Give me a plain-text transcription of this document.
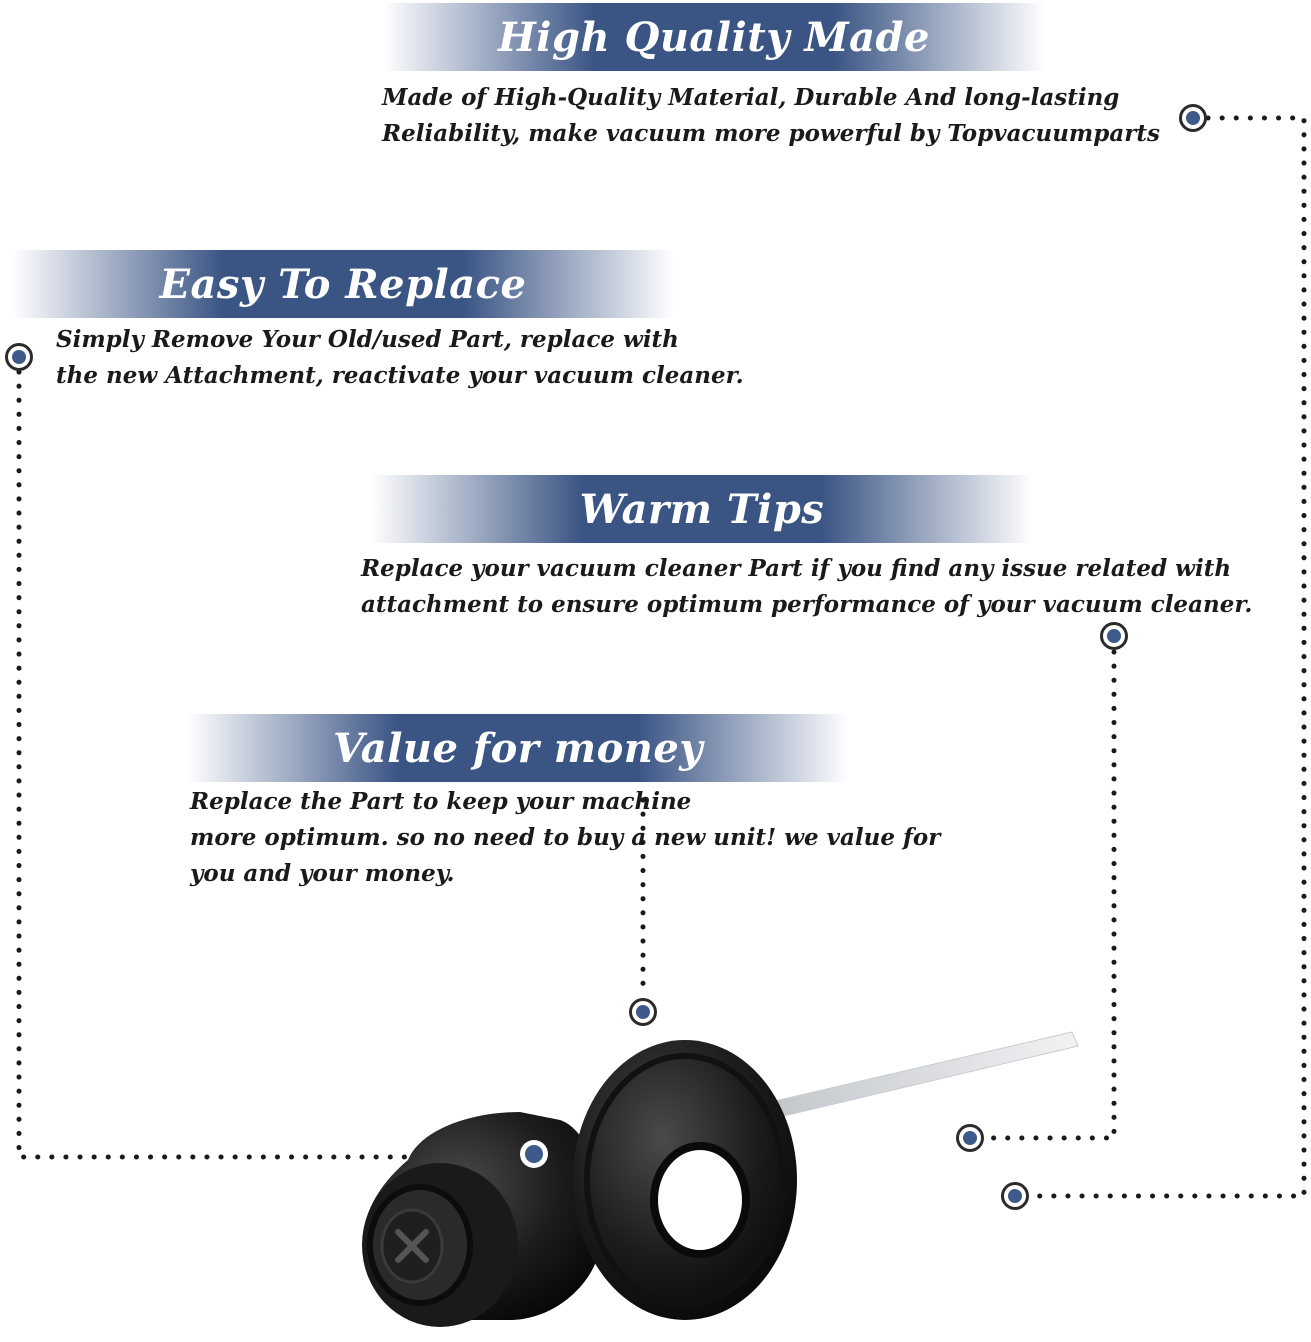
High Quality Made
Made of High-Quality Material, Durable And long-lasting
Reliability, make vacuum more powerful by Topvacuumparts
Easy To Replace
Simply Remove Your Old/used Part, replace with
the new Attachment, reactivate your vacuum cleaner.
Warm Tips
Replace your vacuum cleaner Part if you find any issue related with
attachment to ensure optimum performance of your vacuum cleaner.
Value for money
Replace the Part to keep your machine
more optimum. so no need to buy a new unit! we value for
you and your money.
